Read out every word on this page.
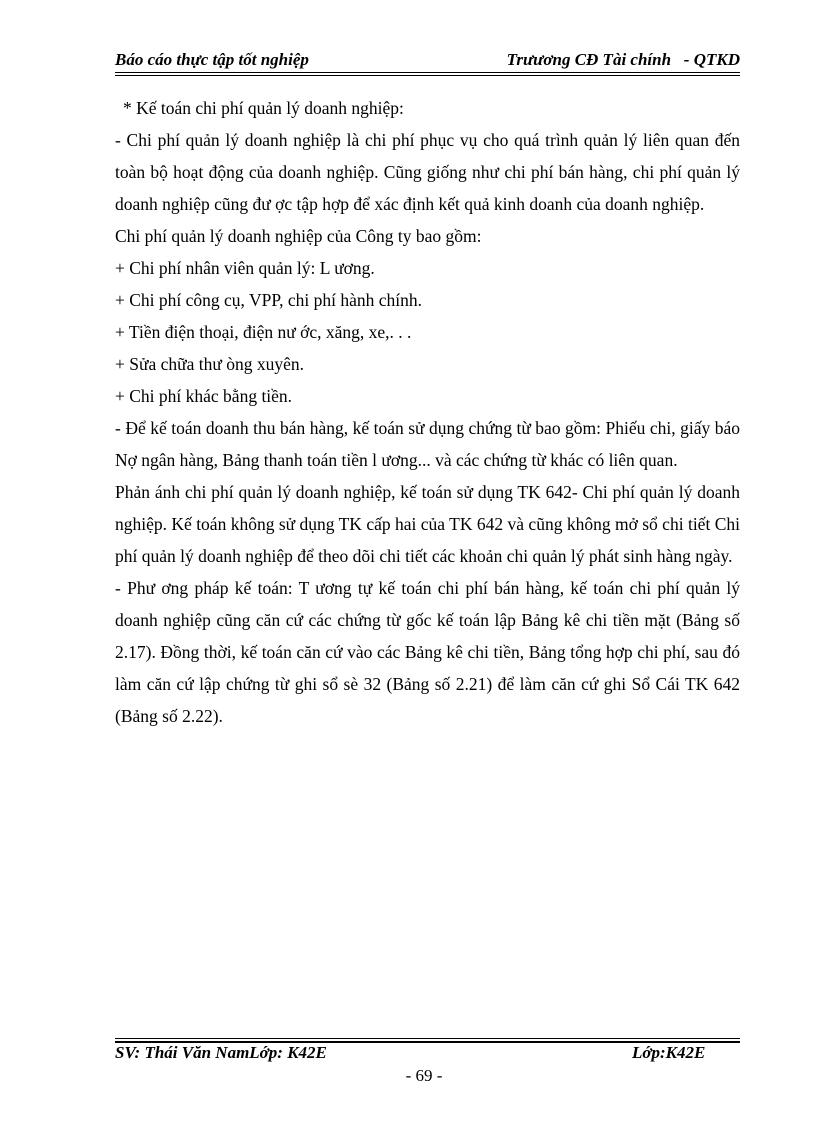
Báo cáo thực tập tốt nghiệp	Trưương CĐ Tài chính   - QTKD

* Kế toán chi phí quản lý doanh nghiệp:

- Chi phí quản lý doanh nghiệp là chi phí phục vụ cho quá trình quản lý liên quan đến toàn bộ hoạt động của doanh nghiệp. Cũng giống như chi phí bán hàng, chi phí quản lý doanh nghiệp cũng đư ợc tập hợp để xác định kết quả kinh doanh của doanh nghiệp.

Chi phí quản lý doanh nghiệp của Công ty bao gồm:

+ Chi phí nhân viên quản lý: L ương.

+ Chi phí công cụ, VPP, chi phí hành chính.

+ Tiền điện thoại, điện nư ớc, xăng, xe,. . .

+ Sửa chữa thư òng xuyên.

+ Chi phí khác bằng tiền.

- Để kế toán doanh thu bán hàng, kế toán sử dụng chứng từ bao gồm: Phiếu chi, giấy báo Nợ ngân hàng, Bảng thanh toán tiền l ương... và các chứng từ khác có liên quan.

Phản ánh chi phí quản lý doanh nghiệp, kế toán sử dụng TK 642- Chi phí quản lý doanh nghiệp. Kế toán không sử dụng TK cấp hai của TK 642 và cũng không mở sổ chi tiết Chi phí quản lý doanh nghiệp để theo dõi chi tiết các khoản chi quản lý phát sinh hàng ngày.

- Phư ơng pháp kế toán: T ương tự kế toán chi phí bán hàng, kế toán chi phí quản lý doanh nghiệp cũng căn cứ các chứng từ gốc kế toán lập Bảng kê chi tiền mặt (Bảng số 2.17). Đồng thời, kế toán căn cứ vào các Bảng kê chi tiền, Bảng tổng hợp chi phí, sau đó làm căn cứ lập chứng từ ghi sổ sè 32 (Bảng số 2.21) để làm căn cứ ghi Sổ Cái TK 642 (Bảng số 2.22).

SV: Thái Văn NamLớp: K42E	Lớp:K42E
- 69 -
